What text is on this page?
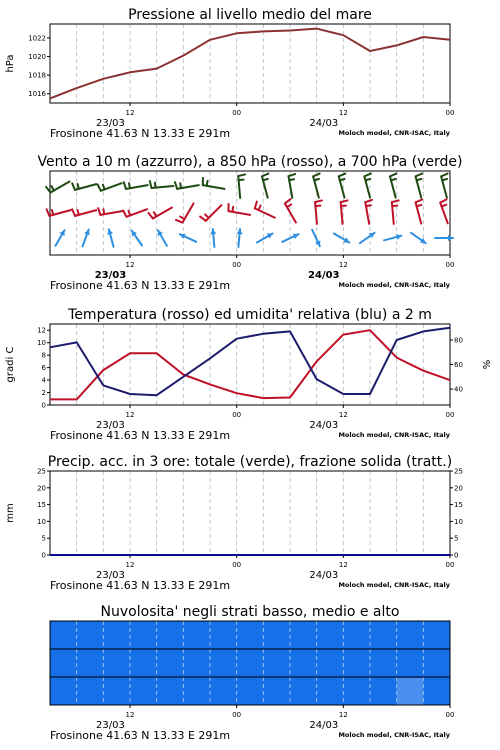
Pressione al livello medio del mare
12	00	12	00
23/03	24/03
Frosinone 41.63 N 13.33 E 291m	Moloch model, CNR-ISAC, Italy
1016
1018
1020
1022
hPa
Vento a 10 m (azzurro), a 850 hPa (rosso), a 700 hPa (verde)
12	00	12	00
23/03	24/03
Frosinone 41.63 N 13.33 E 291m	Moloch model, CNR-ISAC, Italy
Temperatura (rosso) ed umidita' relativa (blu) a 2 m
12	00	12	00
23/03	24/03
Frosinone 41.63 N 13.33 E 291m	Moloch model, CNR-ISAC, Italy
0
2
4
6
8
10
12
40
60
80
gradi C	%
Precip. acc. in 3 ore: totale (verde), frazione solida (tratt.)
12	00	12	00
23/03	24/03
Frosinone 41.63 N 13.33 E 291m	Moloch model, CNR-ISAC, Italy
0
5
10
15
20
25
0
5
10
15
20
25
mm
Nuvolosita' negli strati basso, medio e alto
12	00	12	00
23/03	24/03
Frosinone 41.63 N 13.33 E 291m	Moloch model, CNR-ISAC, Italy
